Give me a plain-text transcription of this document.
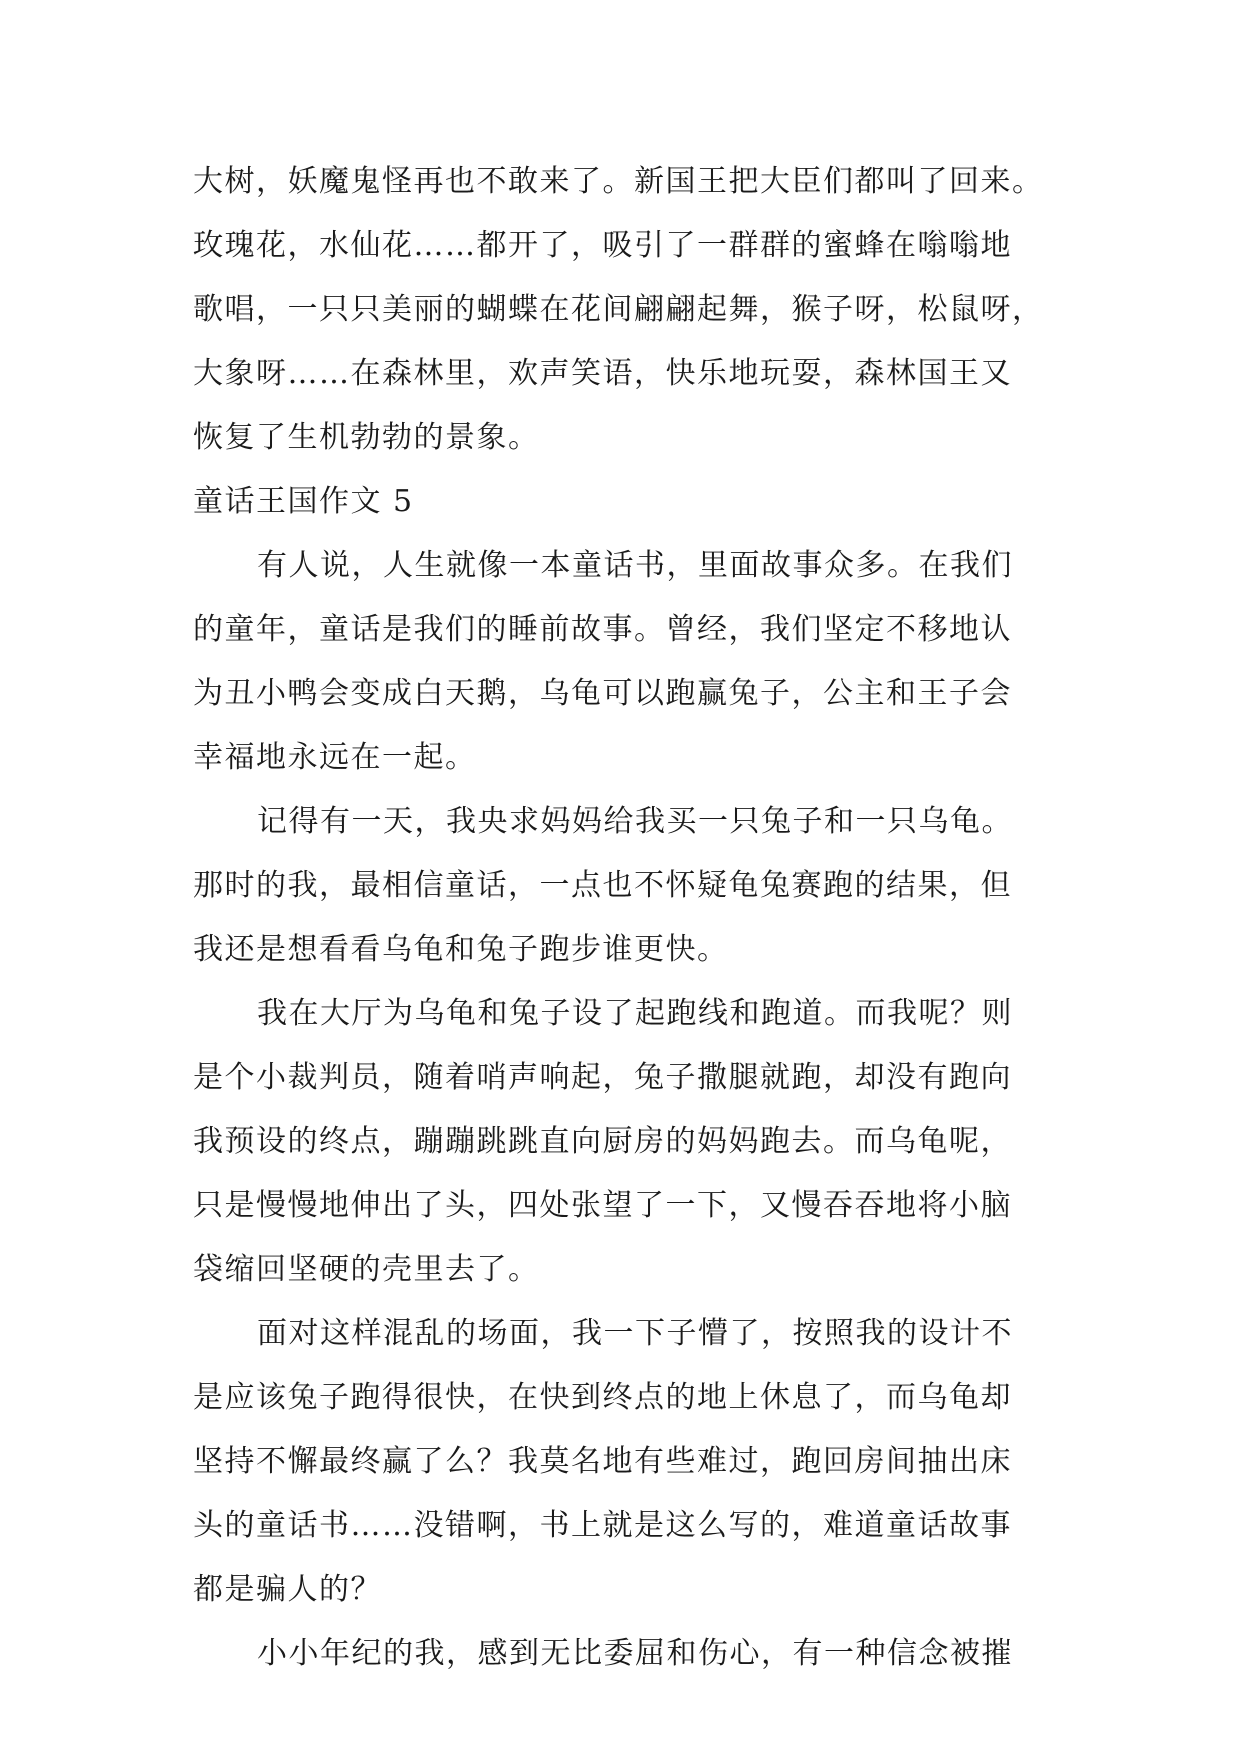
大树，妖魔鬼怪再也不敢来了。新国王把大臣们都叫了回来。
玫瑰花，水仙花……都开了，吸引了一群群的蜜蜂在嗡嗡地
歌唱，一只只美丽的蝴蝶在花间翩翩起舞，猴子呀，松鼠呀，
大象呀……在森林里，欢声笑语，快乐地玩耍，森林国王又
恢复了生机勃勃的景象。
童话王国作文 5
有人说，人生就像一本童话书，里面故事众多。在我们
的童年，童话是我们的睡前故事。曾经，我们坚定不移地认
为丑小鸭会变成白天鹅，乌龟可以跑赢兔子，公主和王子会
幸福地永远在一起。
记得有一天，我央求妈妈给我买一只兔子和一只乌龟。
那时的我，最相信童话，一点也不怀疑龟兔赛跑的结果，但
我还是想看看乌龟和兔子跑步谁更快。
我在大厅为乌龟和兔子设了起跑线和跑道。而我呢？则
是个小裁判员，随着哨声响起，兔子撒腿就跑，却没有跑向
我预设的终点，蹦蹦跳跳直向厨房的妈妈跑去。而乌龟呢，
只是慢慢地伸出了头，四处张望了一下，又慢吞吞地将小脑
袋缩回坚硬的壳里去了。
面对这样混乱的场面，我一下子懵了，按照我的设计不
是应该兔子跑得很快，在快到终点的地上休息了，而乌龟却
坚持不懈最终赢了么？我莫名地有些难过，跑回房间抽出床
头的童话书……没错啊，书上就是这么写的，难道童话故事
都是骗人的？
小小年纪的我，感到无比委屈和伤心，有一种信念被摧
